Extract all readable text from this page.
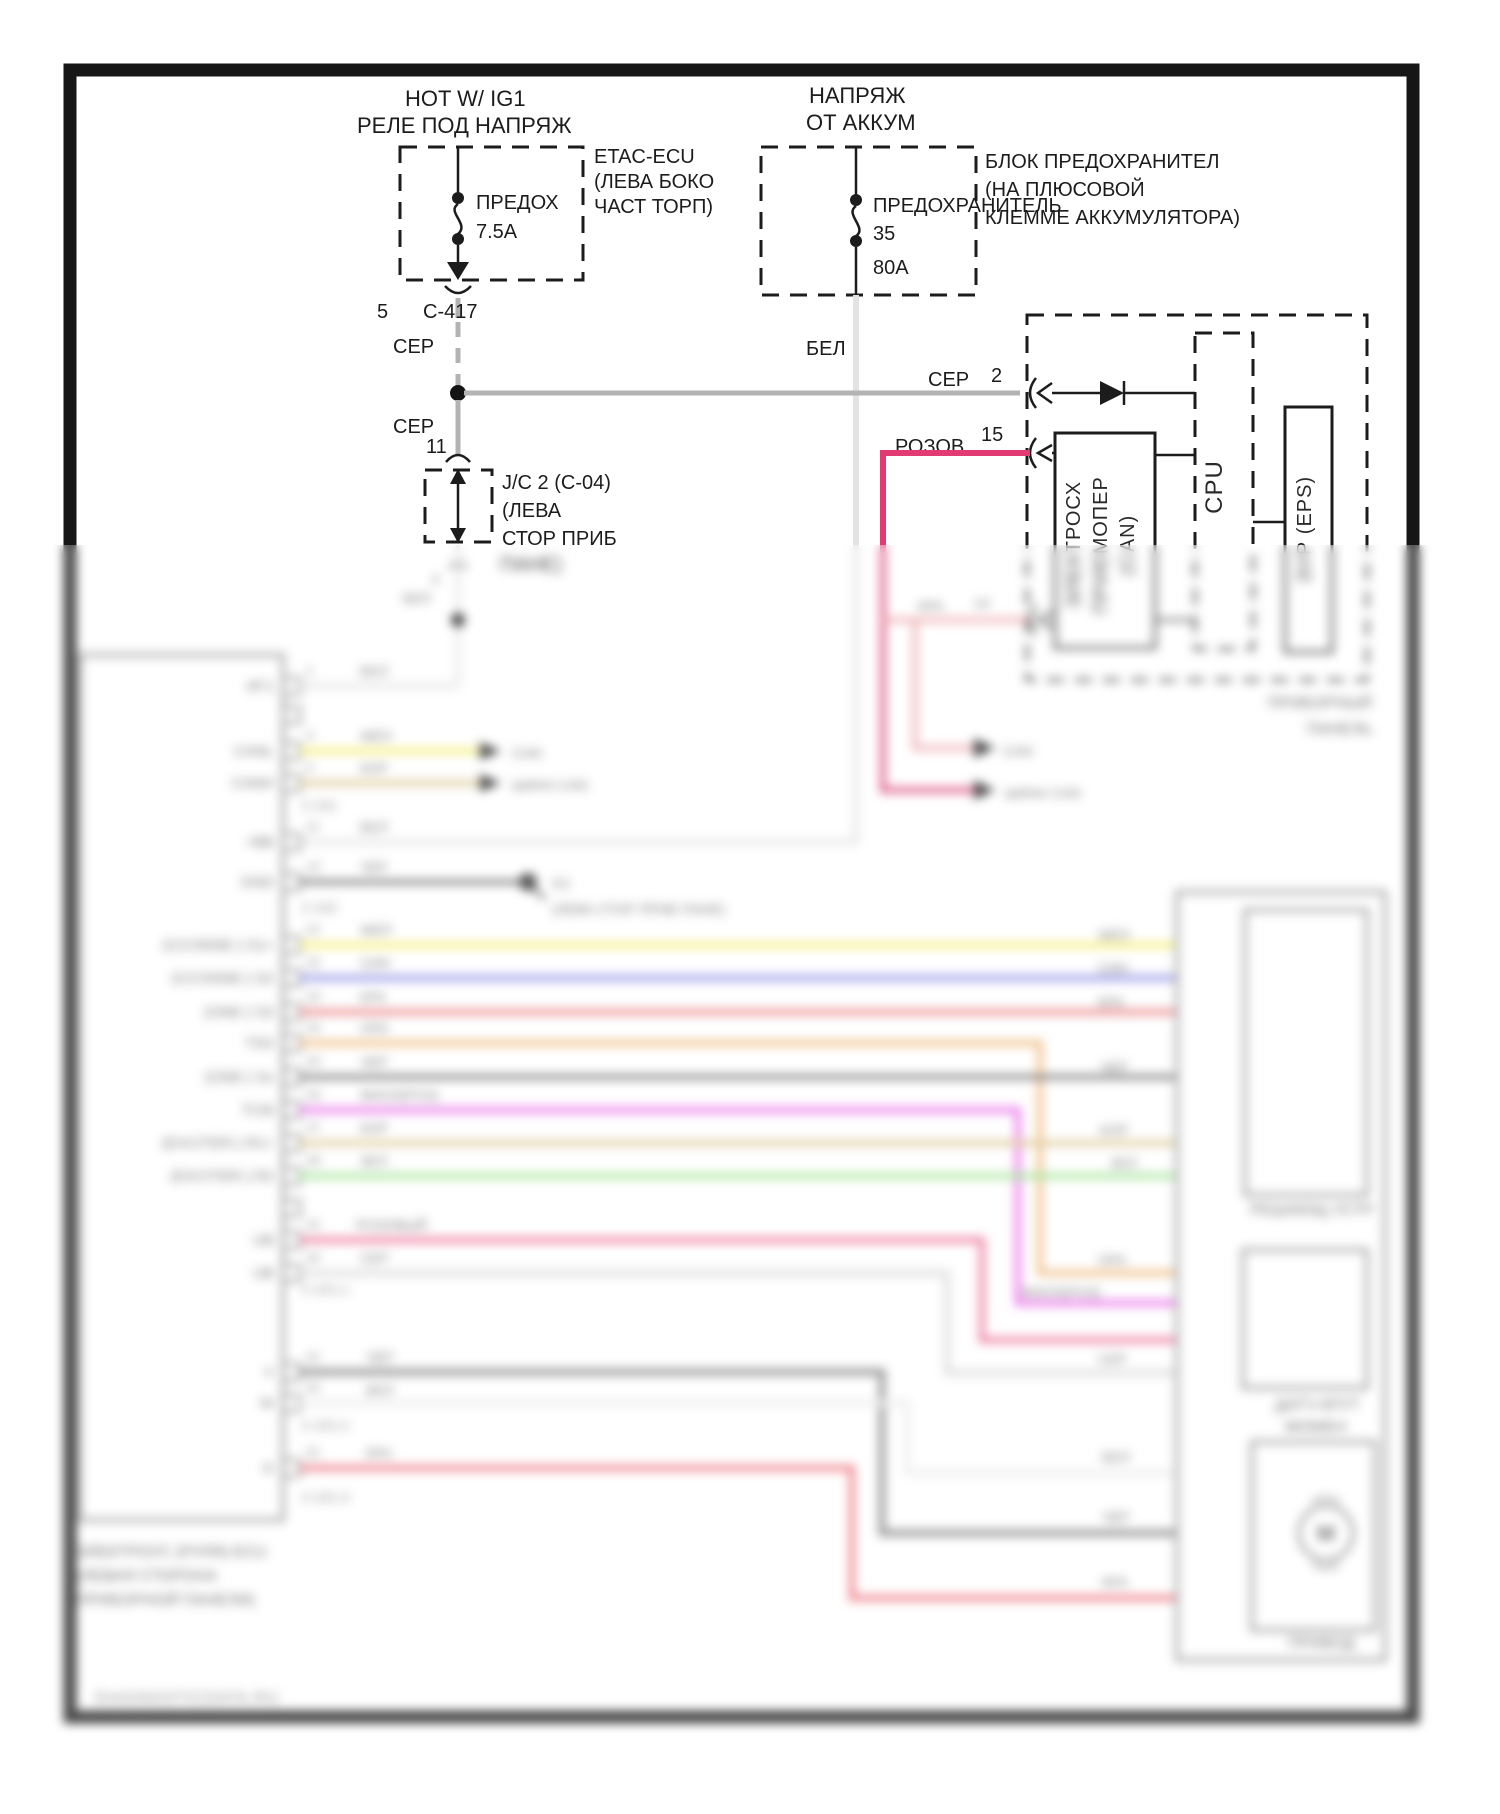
HOT W/ IG1
РЕЛЕ ПОД НАПРЯЖ
ПРЕДОХ
7.5A
ETAC-ECU
(ЛЕВА БОКО
ЧАСТ ТОРП)
5 C-417
СЕР
СЕР
11
J/C 2 (C-04)
(ЛЕВА
СТОР ПРИБ
ПАНЕ)
8
БЕЛ
НАПРЯЖ
ОТ АККУМ
ПРЕДОХРАНИТЕЛЬ
35
80A
БЛОК ПРЕДОХРАНИТЕЛ
(НА ПЛЮСОВОЙ
КЛЕММЕ АККУМУЛЯТОРА)
БЕЛ
СЕР 2
ЭЛЕКТРОСХ ПРИЕМОПЕР (CAN)
CPU	ЭУР (EPS)
ПРИБОРНЫЙ
ПАНЕЛЬ
РОЗОВ
15
КРА 14
CAN
ШИНА CAN
ЭЛЕКТРОУС (РУЛЯ) ECU
(ЛЕВАЯ СТОРОНА
ПРИБОРНОЙ ПАНЕЛИ)
C-221
C-222
C-221-1
C-221-2
C-221-3
1
ИГ1
БЕЛ
3
CANL
ЖЁЛ
CAN
4
CANH
КОР
ШИНА CAN
11
+ВВ
БЕЛ
12
GND
ЧЕР
G1
(ЛЕВА СТОР ПРИБ ПАНЕ)
21
(CCONNE-) S1+
ЖЁЛ	ЖЁЛ
22
(CCONNE-) S2
СИН	СИН
23
(ONE-) S3
КРА	КРА
24
TSS
ОРА
ОРА
25
(ONE-) Sx
ЧЕР	ЧЕР
26
TCM
ФИОЛ(РОЗ)
ФИОЛ(РОЗ)
27
(EXCITER-) R1+
КОР	КОР
28
(EXCITER-) R2
ЗЕЛ	ЗЕЛ
31
UB
РОЗОВЫЙ
32
UB
СЕР
СЕР
41
V
ЧЕР
ЧЕР
42
W
БЕЛ
БЕЛ
51
O
КРА
КРА
РЕШАЮЩ УСТР
ДАТЧ КРУТ
МОМЕН
M
ПРИВОД
DIAGNOSTICDATA.RU
